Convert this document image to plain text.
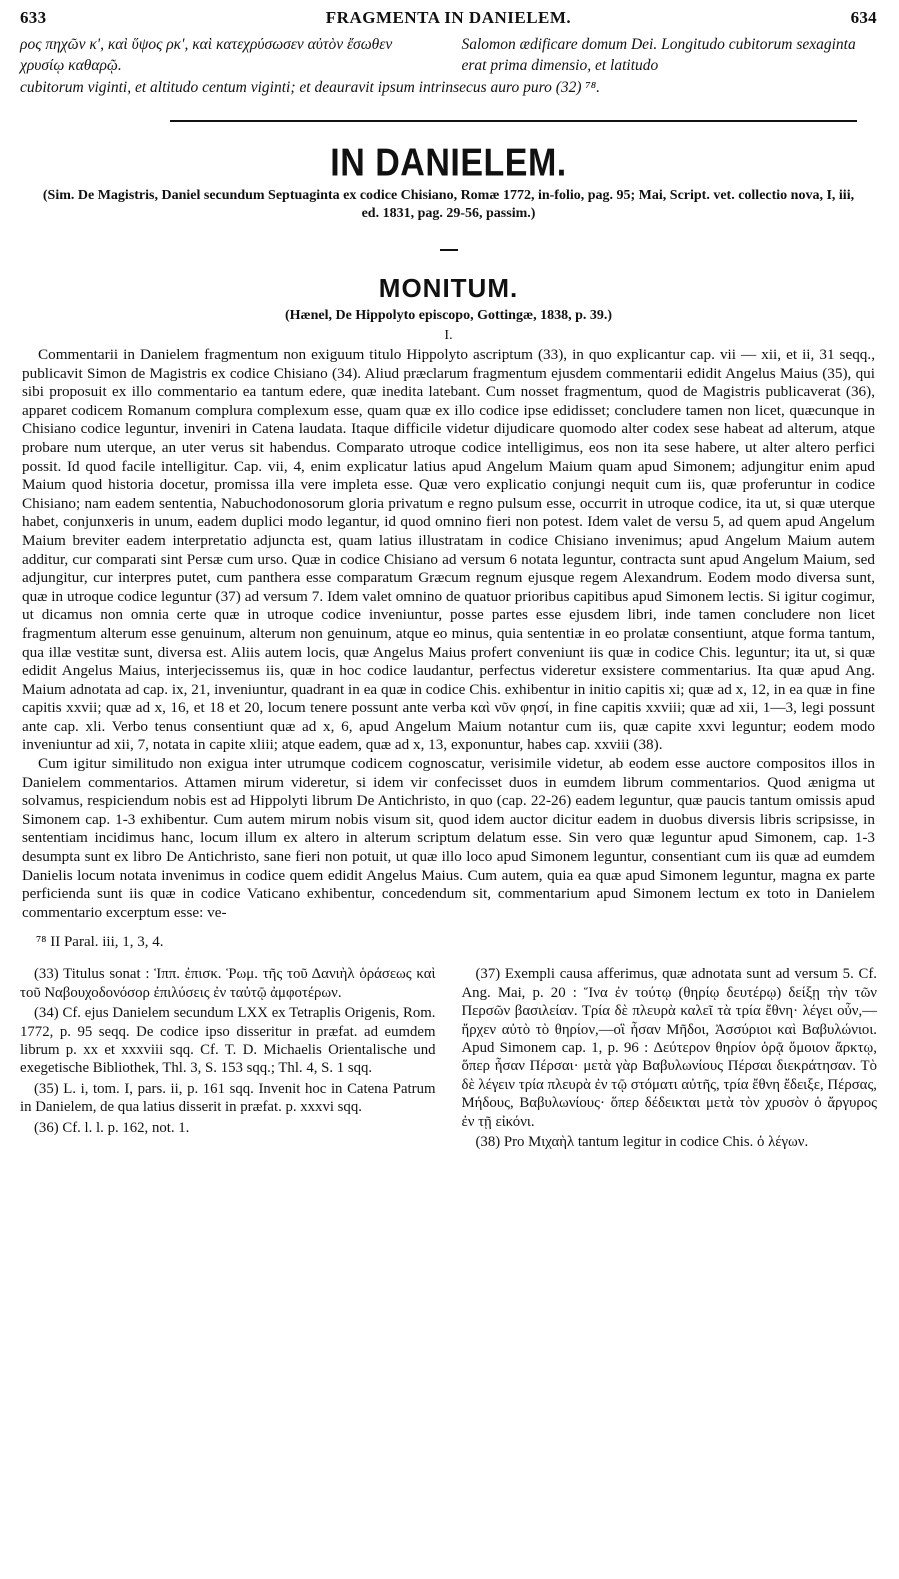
633	FRAGMENTA IN DANIELEM.	634
ρος πηχῶν κ', καὶ ὕψος ρκ', καὶ κατεχρύσωσεν αὐτὸν ἔσωθεν χρυσίῳ καθαρῷ.
Salomon ædificare domum Dei. Longitudo cubitorum sexaginta erat prima dimensio, et latitudo
cubitorum viginti, et altitudo centum viginti; et deauravit ipsum intrinsecus auro puro (32) ⁷⁸.
IN DANIELEM.
(Sim. De Magistris, Daniel secundum Septuaginta ex codice Chisiano, Romæ 1772, in-folio, pag. 95; Mai, Script. vet. collectio nova, I, iii, ed. 1831, pag. 29-56, passim.)
MONITUM.
(Hænel, De Hippolyto episcopo, Gottingæ, 1838, p. 39.)
I.

Commentarii in Danielem fragmentum non exiguum titulo Hippolyto ascriptum (33), in quo explicantur cap. vii — xii, et ii, 31 seqq., publicavit Simon de Magistris ex codice Chisiano (34). Aliud præclarum fragmentum ejusdem commentarii edidit Angelus Maius (35), qui sibi proposuit ex illo commentario ea tantum edere, quæ inedita latebant. Cum nosset fragmentum, quod de Magistris publicaverat (36), apparet codicem Romanum complura complexum esse, quam quæ ex illo codice ipse edidisset; concludere tamen non licet, quæcunque in Chisiano codice leguntur, inveniri in Catena laudata. Itaque difficile videtur dijudicare quomodo alter codex sese habeat ad alterum, atque probare num uterque, an uter verus sit habendus. Comparato utroque codice intelligimus, eos non ita sese habere, ut alter altero perfici possit. Id quod facile intelligitur. Cap. vii, 4, enim explicatur latius apud Angelum Maium quam apud Simonem; adjungitur enim apud Maium quod historia docetur, promissa illa vere impleta esse. Quæ vero explicatio conjungi nequit cum iis, quæ proferuntur in codice Chisiano; nam eadem sententia, Nabuchodonosorum gloria privatum e regno pulsum esse, occurrit in utroque codice, ita ut, si quæ uterque habet, conjunxeris in unum, eadem duplici modo legantur, id quod omnino fieri non potest. Idem valet de versu 5, ad quem apud Angelum Maium breviter eadem interpretatio adjuncta est, quam latius illustratam in codice Chisiano invenimus; apud Angelum Maium autem additur, cur comparati sint Persæ cum urso. Quæ in codice Chisiano ad versum 6 notata leguntur, contracta sunt apud Angelum Maium, sed adjungitur, cur interpres putet, cum panthera esse comparatum Græcum regnum ejusque regem Alexandrum. Eodem modo diversa sunt, quæ in utroque codice leguntur (37) ad versum 7. Idem valet omnino de quatuor prioribus capitibus apud Simonem lectis. Si igitur cogimur, ut dicamus non omnia certe quæ in utroque codice inveniuntur, posse partes esse ejusdem libri, inde tamen concludere non licet fragmentum alterum esse genuinum, alterum non genuinum, atque eo minus, quia sententiæ in eo prolatæ consentiunt, atque forma tantum, qua illæ vestitæ sunt, diversa est. Aliis autem locis, quæ Angelus Maius profert conveniunt iis quæ in codice Chis. leguntur; ita ut, si quæ edidit Angelus Maius, interjecissemus iis, quæ in hoc codice laudantur, perfectus videretur exsistere commentarius. Ita quæ apud Ang. Maium adnotata ad cap. ix, 21, inveniuntur, quadrant in ea quæ in codice Chis. exhibentur in initio capitis xi; quæ ad x, 12, in ea quæ in fine capitis xxvii; quæ ad x, 16, et 18 et 20, locum tenere possunt ante verba καὶ νῦν φησί, in fine capitis xxviii; quæ ad xii, 1—3, legi possunt ante cap. xli. Verbo tenus consentiunt quæ ad x, 6, apud Angelum Maium notantur cum iis, quæ capite xxvi leguntur; eodem modo inveniuntur ad xii, 7, notata in capite xliii; atque eadem, quæ ad x, 13, exponuntur, habes cap. xxviii (38).

Cum igitur similitudo non exigua inter utrumque codicem cognoscatur, verisimile videtur, ab eodem esse auctore compositos illos in Danielem commentarios. Attamen mirum videretur, si idem vir confecisset duos in eumdem librum commentarios. Quod ænigma ut solvamus, respiciendum nobis est ad Hippolyti librum De Antichristo, in quo (cap. 22-26) eadem leguntur, quæ paucis tantum omissis apud Simonem cap. 1-3 exhibentur. Cum autem mirum nobis visum sit, quod idem auctor dicitur eadem in duobus diversis libris scripsisse, in sententiam incidimus hanc, locum illum ex altero in alterum scriptum delatum esse. Sin vero quæ leguntur apud Simonem, cap. 1-3 desumpta sunt ex libro De Antichristo, sane fieri non potuit, ut quæ illo loco apud Simonem leguntur, consentiant cum iis quæ ad eumdem Danielis locum notata invenimus in codice quem edidit Angelus Maius. Cum autem, quia ea quæ apud Simonem leguntur, magna ex parte perficienda sunt iis quæ in codice Vaticano exhibentur, concedendum sit, commentarium apud Simonem lectum ex toto in Danielem commentario excerptum esse: ve-

⁷⁸ II Paral. iii, 1, 3, 4.

(33) Titulus sonat : Ἱππ. ἐπισκ. Ῥωμ. τῆς τοῦ Δανιὴλ ὁράσεως καὶ τοῦ Ναβουχοδονόσορ ἐπιλύσεις ἐν ταὐτῷ ἀμφοτέρων.

(34) Cf. ejus Danielem secundum LXX ex Tetraplis Origenis, Rom. 1772, p. 95 seqq. De codice ipso disseritur in præfat. ad eumdem librum p. xx et xxxviii sqq. Cf. T. D. Michaelis Orientalische und exegetische Bibliothek, Thl. 3, S. 153 sqq.; Thl. 4, S. 1 sqq.

(35) L. i, tom. I, pars. ii, p. 161 sqq. Invenit hoc in Catena Patrum in Danielem, de qua latius disserit in præfat. p. xxxvi sqq.

(36) Cf. l. l. p. 162, not. 1.

(37) Exempli causa afferimus, quæ adnotata sunt ad versum 5. Cf. Ang. Mai, p. 20 : Ἵνα ἐν τούτῳ (θηρίῳ δευτέρῳ) δείξῃ τὴν τῶν Περσῶν βασιλείαν. Τρία δὲ πλευρὰ καλεῖ τὰ τρία ἔθνη· λέγει οὖν,—ἤρχεν αὐτὸ τὸ θηρίον,—οἳ ἦσαν Μῆδοι, Ἀσσύριοι καὶ Βαβυλώνιοι. Apud Simonem cap. 1, p. 96 : Δεύτερον θηρίον ὁρᾷ ὅμοιον ἄρκτῳ, ὅπερ ἦσαν Πέρσαι· μετὰ γὰρ Βαβυλωνίους Πέρσαι διεκράτησαν. Τὸ δὲ λέγειν τρία πλευρὰ ἐν τῷ στόματι αὐτῆς, τρία ἔθνη ἔδειξε, Πέρσας, Μήδους, Βαβυλωνίους· ὅπερ δέδεικται μετὰ τὸν χρυσὸν ὁ ἄργυρος ἐν τῇ εἰκόνι.

(38) Pro Μιχαὴλ tantum legitur in codice Chis. ὁ λέγων.
